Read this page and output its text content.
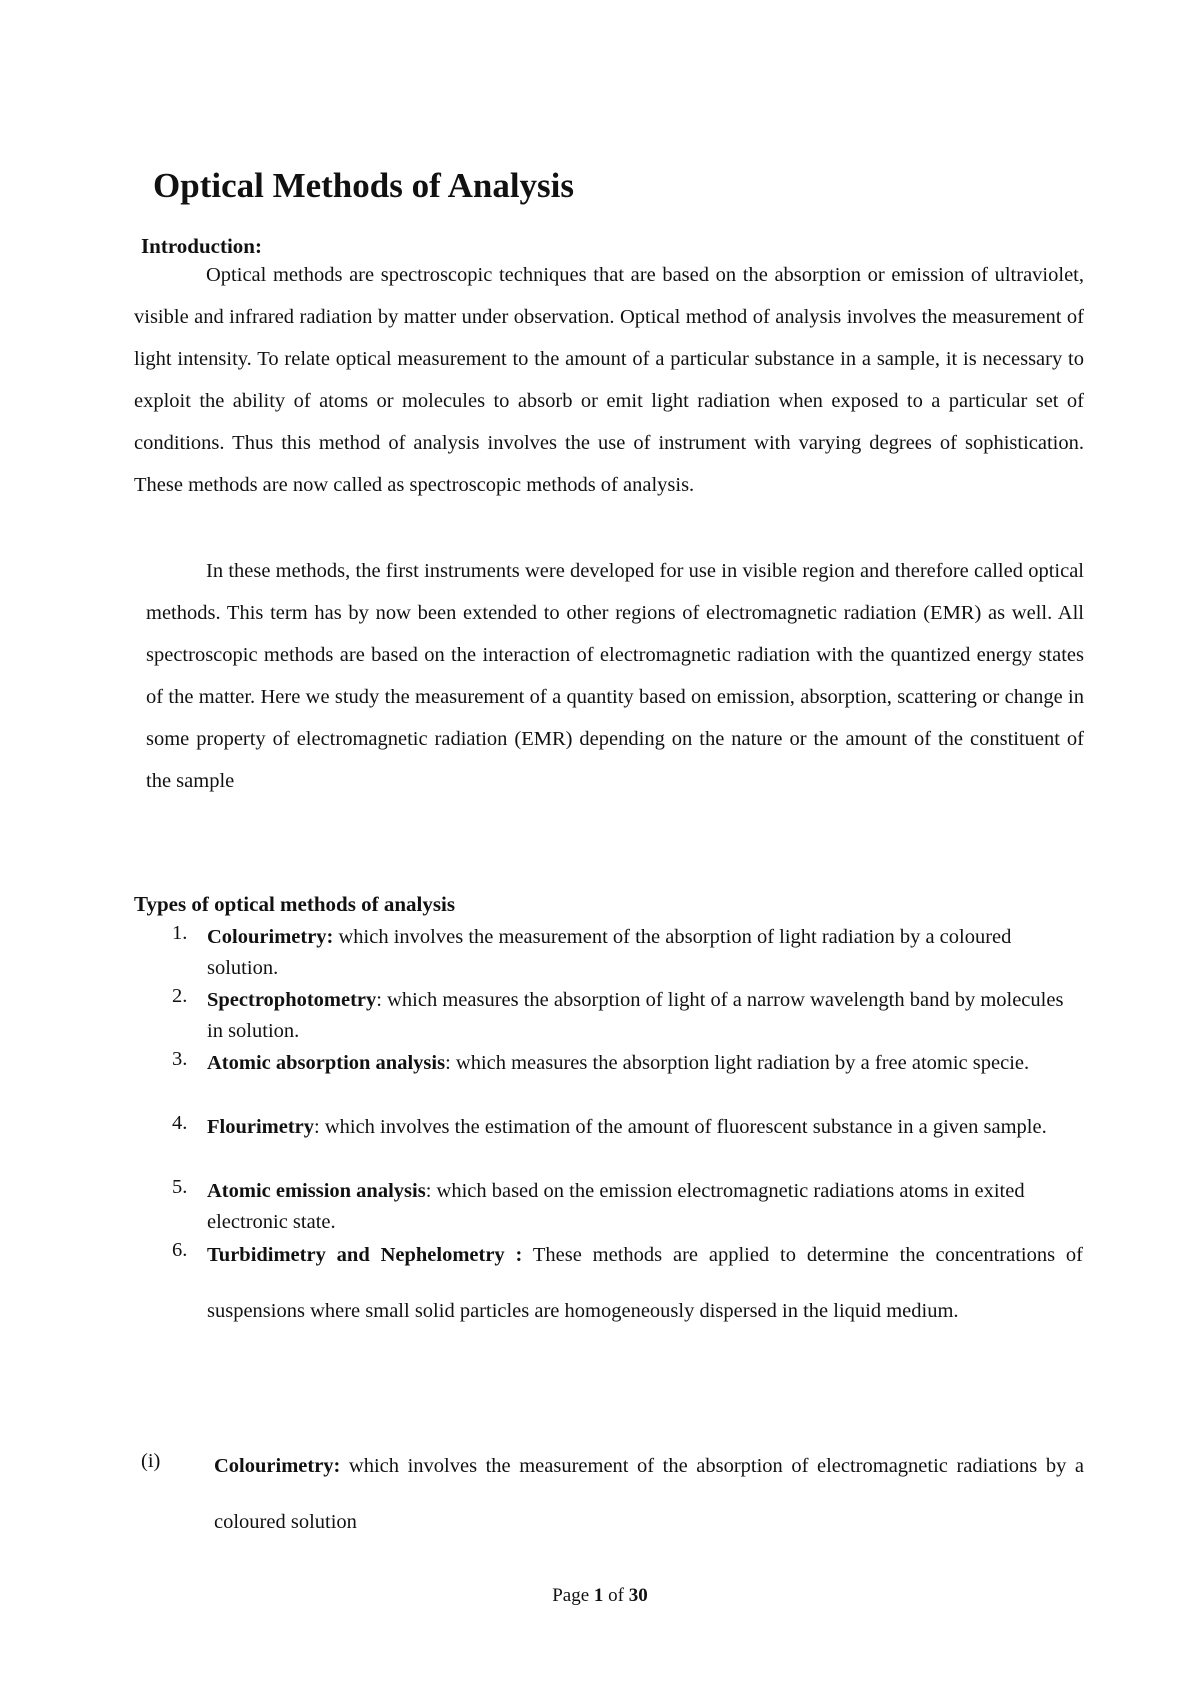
Optical Methods of Analysis
Introduction:

Optical methods are spectroscopic techniques that are based on the absorption or emission of ultraviolet, visible and infrared radiation by matter under observation. Optical method of analysis involves the measurement of light intensity. To relate optical measurement to the amount of a particular substance in a sample, it is necessary to exploit the ability of atoms or molecules to absorb or emit light radiation when exposed to a particular set of conditions. Thus this method of analysis involves the use of instrument with varying degrees of sophistication. These methods are now called as spectroscopic methods of analysis.

In these methods, the first instruments were developed for use in visible region and therefore called optical methods. This term has by now been extended to other regions of electromagnetic radiation (EMR) as well. All spectroscopic methods are based on the interaction of electromagnetic radiation with the quantized energy states of the matter. Here we study the measurement of a quantity based on emission, absorption, scattering or change in some property of electromagnetic radiation (EMR) depending on the nature or the amount of the constituent of the sample

Types of optical methods of analysis
1. Colourimetry: which involves the measurement of the absorption of light radiation by a coloured solution.
2. Spectrophotometry: which measures the absorption of light of a narrow wavelength band by molecules in solution.
3. Atomic absorption analysis: which measures the absorption light radiation by a free atomic specie.
4. Flourimetry: which involves the estimation of the amount of fluorescent substance in a given sample.
5. Atomic emission analysis: which based on the emission electromagnetic radiations atoms in exited electronic state.
6. Turbidimetry and Nephelometry : These methods are applied to determine the concentrations of suspensions where small solid particles are homogeneously dispersed in the liquid medium.
(i)	Colourimetry: which involves the measurement of the absorption of electromagnetic radiations by a coloured solution
Page 1 of 30
